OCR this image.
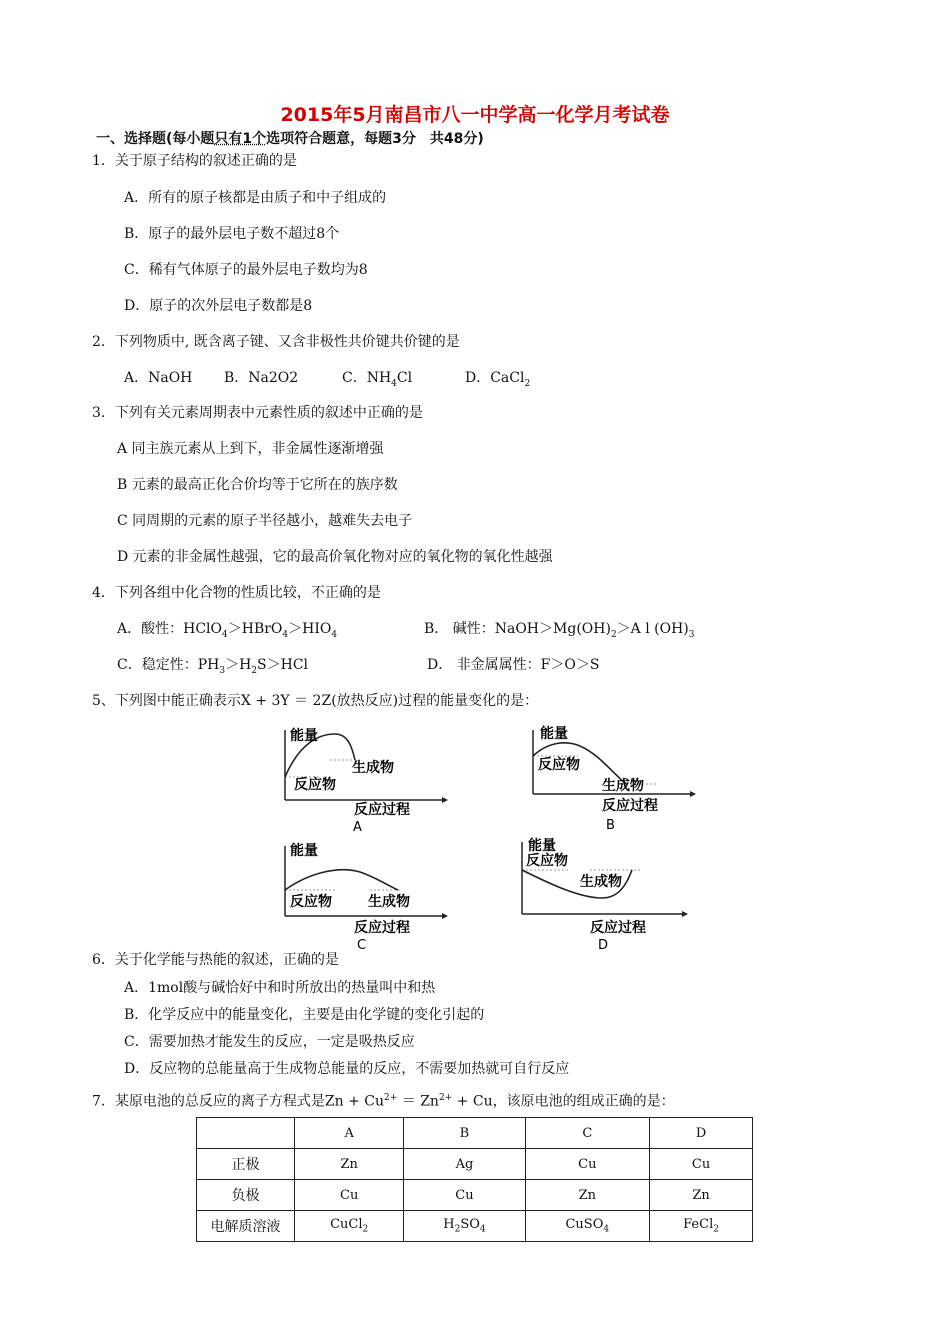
2015年5月南昌市八一中学高一化学月考试卷
一、选择题(每小题只有1个选项符合题意，每题3分　共48分)
1．关于原子结构的叙述正确的是
A．所有的原子核都是由质子和中子组成的
B．原子的最外层电子数不超过8个
C．稀有气体原子的最外层电子数均为8
D．原子的次外层电子数都是8
2．下列物质中, 既含离子键、又含非极性共价键共价键的是
A．NaOH B．Na2O2	C．$NH_4Cl$	D．CaCl$_2$
3．下列有关元素周期表中元素性质的叙述中正确的是
A 同主族元素从上到下，非金属性逐渐增强
B 元素的最高正化合价均等于它所在的族序数
C 同周期的元素的原子半径越小，越难失去电子
D 元素的非金属性越强，它的最高价氧化物对应的氧化物的氧化性越强
4．下列各组中化合物的性质比较，不正确的是
A．酸性：$HClO_4>HBrO_4>HIO_4$	B． 碱性：$NaOH>Mg(OH)_2>A$ l $(OH)_3$
C．稳定性：$PH_3>H_2S>HCl$	D． 非金属属性：F＞O＞S
5、下列图中能正确表示X + 3Y ＝ 2Z(放热反应)过程的能量变化的是：
能量
生成物
反应物
反应过程
A
能量
反应物
生成物
反应过程
B
能量
反应物	生成物
反应过程
C
能量
反应物
生成物
反应过程
D
6．关于化学能与热能的叙述，正确的是
A．1mol酸与碱恰好中和时所放出的热量叫中和热
B．化学反应中的能量变化，主要是由化学键的变化引起的
C．需要加热才能发生的反应，一定是吸热反应
D．反应物的总能量高于生成物总能量的反应，不需要加热就可自行反应
7．某原电池的总反应的离子方程式是$Zn + Cu^{2+} = Zn^{2+} + Cu$，该原电池的组成正确的是：
	A	B	C	D
正极	Zn	Ag	Cu	Cu
负极	Cu	Cu	Zn	Zn
电解质溶液	CuCl$_2$	$H_2SO_4$	CuSO$_4$	FeCl$_2$
